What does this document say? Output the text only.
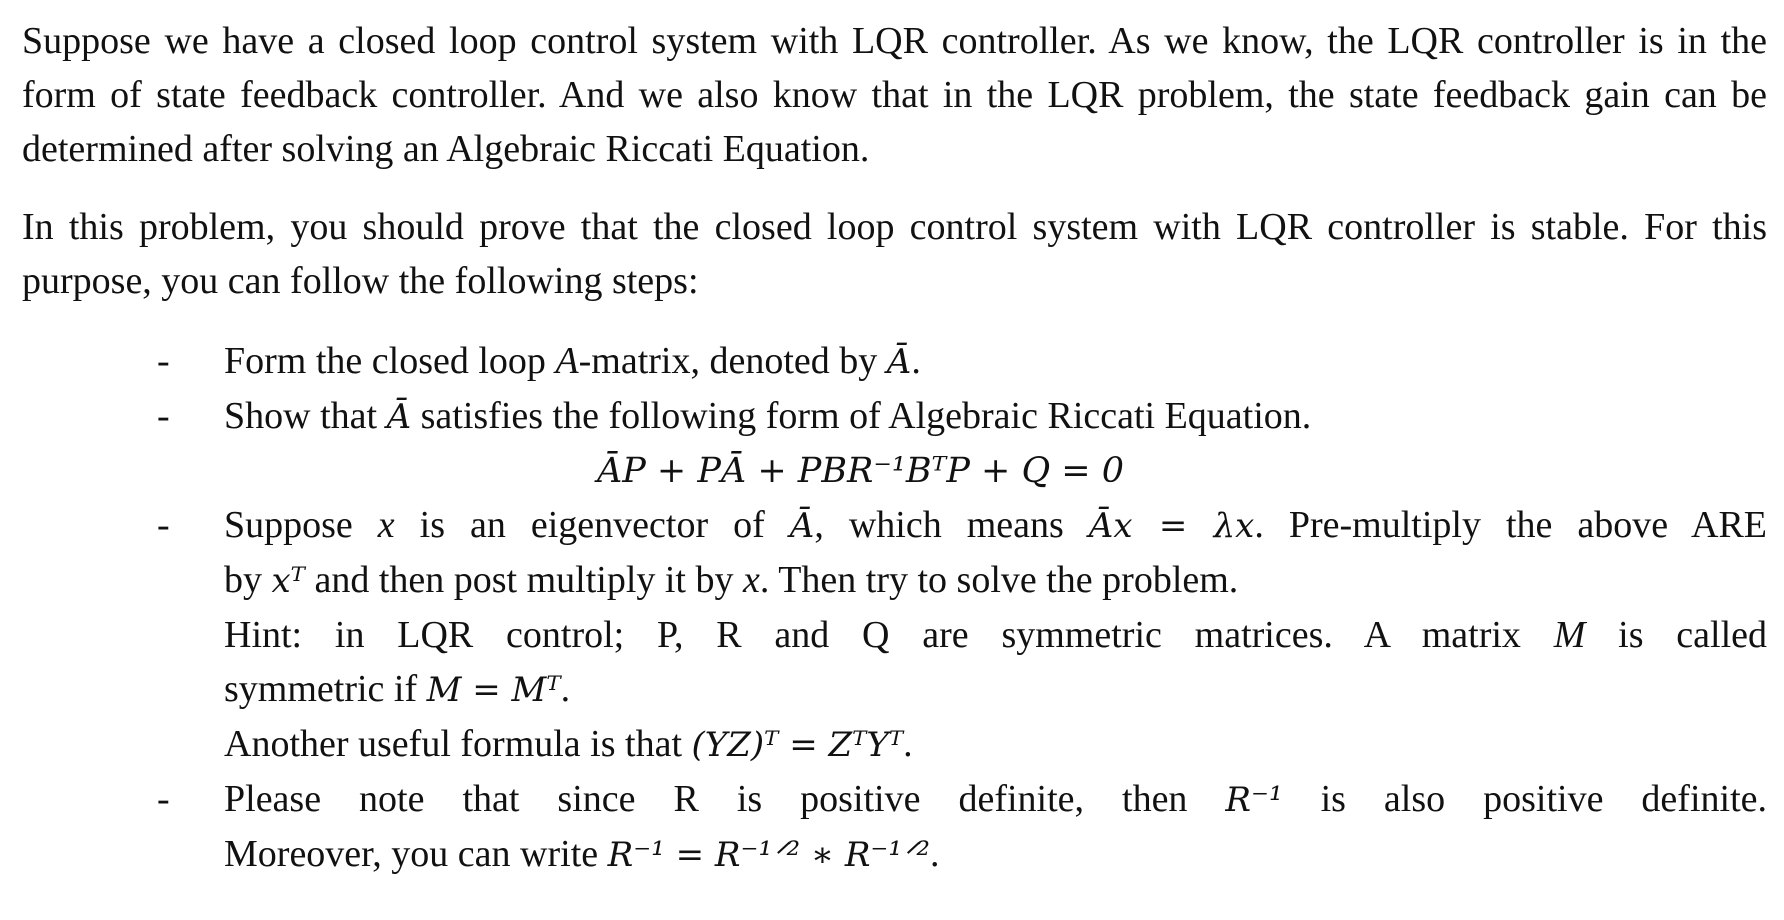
Suppose we have a closed loop control system with LQR controller. As we know, the LQR controller is in the form of state feedback controller. And we also know that in the LQR problem, the state feedback gain can be determined after solving an Algebraic Riccati Equation.

In this problem, you should prove that the closed loop control system with LQR controller is stable. For this purpose, you can follow the following steps:

- Form the closed loop A-matrix, denoted by Ā.
- Show that Ā satisfies the following form of Algebraic Riccati Equation.
ĀP + PĀ + PBR⁻¹BᵀP + Q = 0
- Suppose x is an eigenvector of Ā, which means Āx = λx. Pre-multiply the above ARE
by xᵀ and then post multiply it by x. Then try to solve the problem.
Hint: in LQR control; P, R and Q are symmetric matrices. A matrix M is called
symmetric if M = Mᵀ.
Another useful formula is that (YZ)ᵀ = ZᵀYᵀ.
- Please note that since R is positive definite, then R⁻¹ is also positive definite.
Moreover, you can write R⁻¹ = R⁻¹ᐟ² ∗ R⁻¹ᐟ².
